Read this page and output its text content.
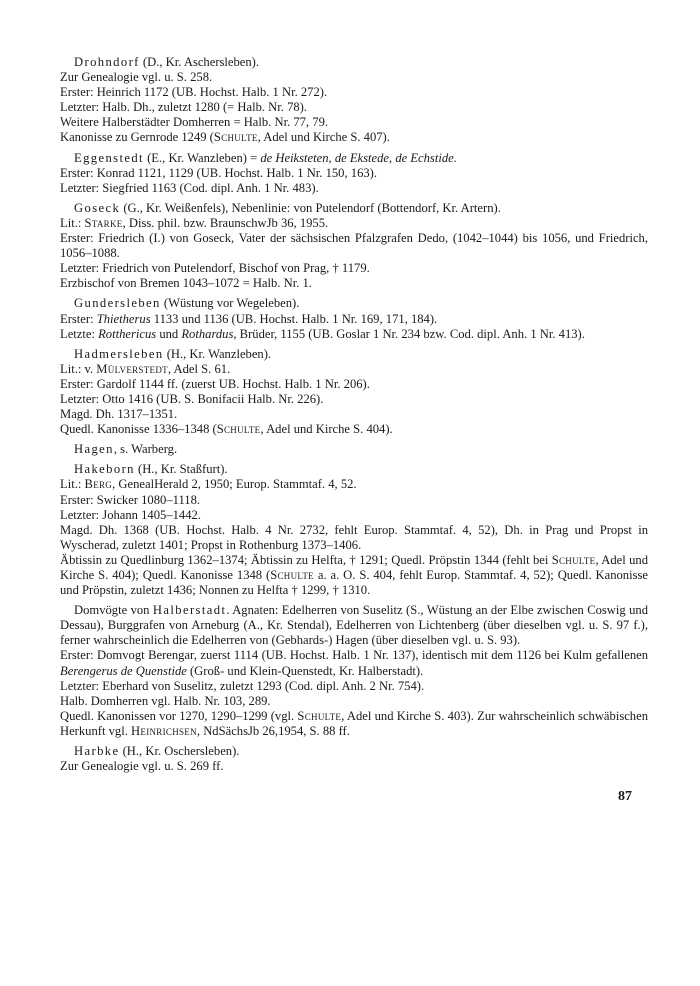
Drohndorf (D., Kr. Aschersleben).
Zur Genealogie vgl. u. S. 258.
Erster: Heinrich 1172 (UB. Hochst. Halb. 1 Nr. 272).
Letzter: Halb. Dh., zuletzt 1280 (= Halb. Nr. 78).
Weitere Halberstädter Domherren = Halb. Nr. 77, 79.
Kanonisse zu Gernrode 1249 (Schulte, Adel und Kirche S. 407).
Eggenstedt (E., Kr. Wanzleben) = de Heiksteten, de Ekstede, de Echstide.
Erster: Konrad 1121, 1129 (UB. Hochst. Halb. 1 Nr. 150, 163).
Letzter: Siegfried 1163 (Cod. dipl. Anh. 1 Nr. 483).
Goseck (G., Kr. Weißenfels), Nebenlinie: von Putelendorf (Bottendorf, Kr. Artern).
Lit.: Starke, Diss. phil. bzw. BraunschwJb 36, 1955.
Erster: Friedrich (I.) von Goseck, Vater der sächsischen Pfalzgrafen Dedo, (1042–1044) bis 1056, und Friedrich, 1056–1088.
Letzter: Friedrich von Putelendorf, Bischof von Prag, † 1179.
Erzbischof von Bremen 1043–1072 = Halb. Nr. 1.
Gundersleben (Wüstung vor Wegeleben).
Erster: Thietherus 1133 und 1136 (UB. Hochst. Halb. 1 Nr. 169, 171, 184).
Letzte: Rotthericus und Rothardus, Brüder, 1155 (UB. Goslar 1 Nr. 234 bzw. Cod. dipl. Anh. 1 Nr. 413).
Hadmersleben (H., Kr. Wanzleben).
Lit.: v. Mülverstedt, Adel S. 61.
Erster: Gardolf 1144 ff. (zuerst UB. Hochst. Halb. 1 Nr. 206).
Letzter: Otto 1416 (UB. S. Bonifacii Halb. Nr. 226).
Magd. Dh. 1317–1351.
Quedl. Kanonisse 1336–1348 (Schulte, Adel und Kirche S. 404).
Hagen, s. Warberg.
Hakeborn (H., Kr. Staßfurt).
Lit.: Berg, GenealHerald 2, 1950; Europ. Stammtaf. 4, 52.
Erster: Swicker 1080–1118.
Letzter: Johann 1405–1442.
Magd. Dh. 1368 (UB. Hochst. Halb. 4 Nr. 2732, fehlt Europ. Stammtaf. 4, 52), Dh. in Prag und Propst in Wyscherad, zuletzt 1401; Propst in Rothenburg 1373–1406.
Äbtissin zu Quedlinburg 1362–1374; Äbtissin zu Helfta, † 1291; Quedl. Pröpstin 1344 (fehlt bei Schulte, Adel und Kirche S. 404); Quedl. Kanonisse 1348 (Schulte a. a. O. S. 404, fehlt Europ. Stammtaf. 4, 52); Quedl. Kanonisse und Pröpstin, zuletzt 1436; Nonnen zu Helfta † 1299, † 1310.
Domvögte von Halberstadt. Agnaten: Edelherren von Suselitz (S., Wüstung an der Elbe zwischen Coswig und Dessau), Burggrafen von Arneburg (A., Kr. Stendal), Edelherren von Lichtenberg (über dieselben vgl. u. S. 97 f.), ferner wahrscheinlich die Edelherren von (Gebhards-) Hagen (über dieselben vgl. u. S. 93).
Erster: Domvogt Berengar, zuerst 1114 (UB. Hochst. Halb. 1 Nr. 137), identisch mit dem 1126 bei Kulm gefallenen Berengerus de Quenstide (Groß- und Klein-Quenstedt, Kr. Halberstadt).
Letzter: Eberhard von Suselitz, zuletzt 1293 (Cod. dipl. Anh. 2 Nr. 754).
Halb. Domherren vgl. Halb. Nr. 103, 289.
Quedl. Kanonissen vor 1270, 1290–1299 (vgl. Schulte, Adel und Kirche S. 403). Zur wahrscheinlich schwäbischen Herkunft vgl. Heinrichsen, NdSächsJb 26,1954, S. 88 ff.
Harbke (H., Kr. Oschersleben).
Zur Genealogie vgl. u. S. 269 ff.
87
